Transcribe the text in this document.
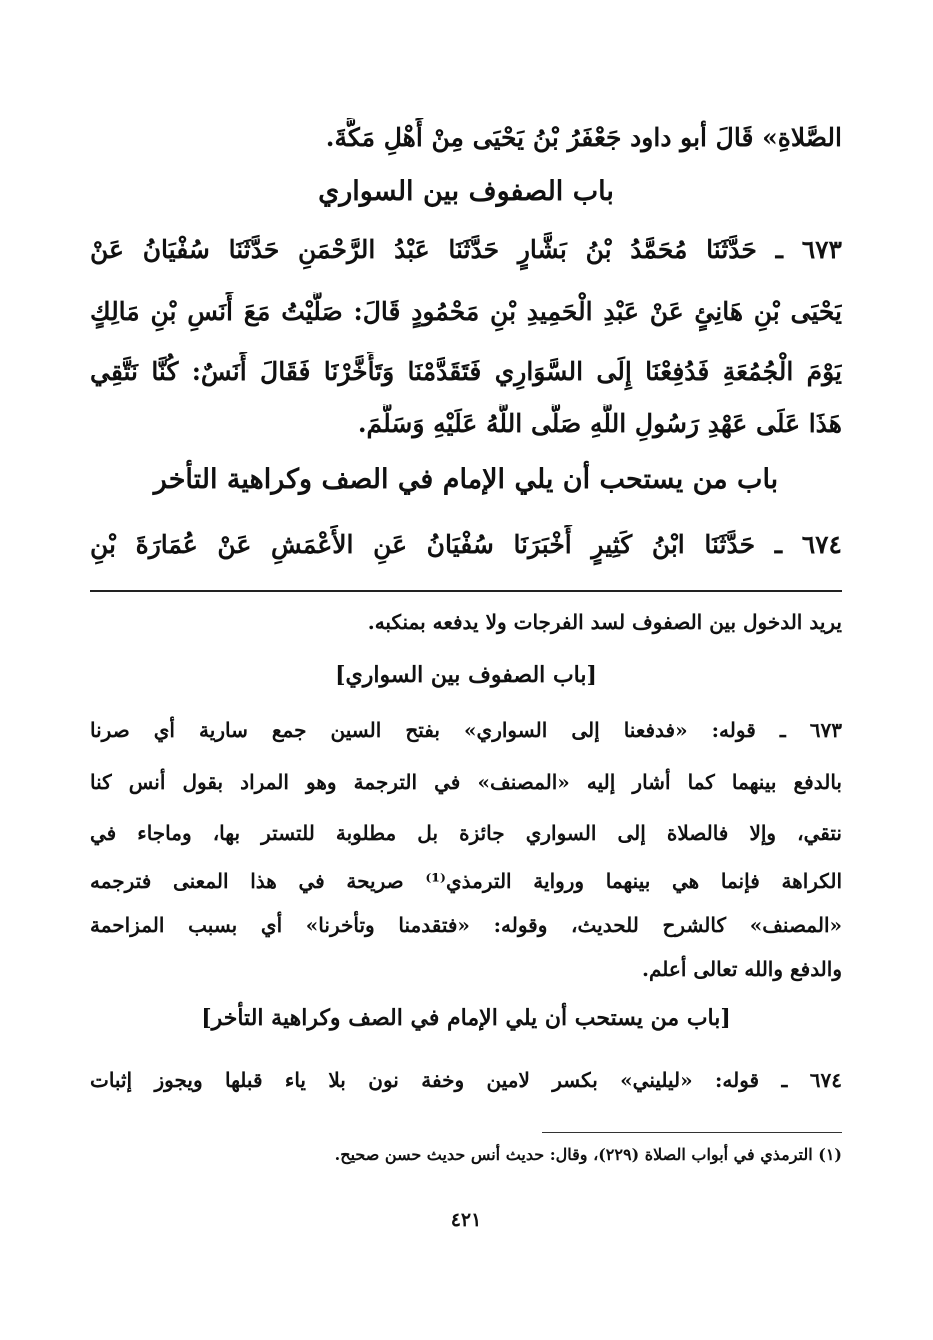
الصَّلاةِ» قَالَ أبو داود جَعْفَرُ بْنُ يَحْيَى مِنْ أَهْلِ مَكَّةَ.
باب الصفوف بين السواري
٦٧٣ ـ حَدَّثَنَا مُحَمَّدُ بْنُ بَشَّارٍ حَدَّثَنَا عَبْدُ الرَّحْمَنِ حَدَّثَنَا سُفْيَانُ عَنْ
يَحْيَى بْنِ هَانِئٍ عَنْ عَبْدِ الْحَمِيدِ بْنِ مَحْمُودٍ قَالَ: صَلَّيْتُ مَعَ أَنَسِ بْنِ مَالِكٍ
يَوْمَ الْجُمُعَةِ فَدُفِعْنَا إِلَى السَّوَارِي فَتَقَدَّمْنَا وَتَأَخَّرْنَا فَقَالَ أَنَسٌ: كُنَّا نَتَّقِي
هَذَا عَلَى عَهْدِ رَسُولِ اللَّهِ صَلَّى اللَّهُ عَلَيْهِ وَسَلَّمَ.
باب من يستحب أن يلي الإمام في الصف وكراهية التأخر
٦٧٤ ـ حَدَّثَنَا ابْنُ كَثِيرٍ أَخْبَرَنَا سُفْيَانُ عَنِ الأَعْمَشِ عَنْ عُمَارَةَ بْنِ
يريد الدخول بين الصفوف لسد الفرجات ولا يدفعه بمنكبه.
[باب الصفوف بين السواري]
٦٧٣ ـ قوله: «فدفعنا إلى السواري» بفتح السين جمع سارية أي صرنا
بالدفع بينهما كما أشار إليه «المصنف» في الترجمة وهو المراد بقول أنس كنا
نتقي، وإلا فالصلاة إلى السواري جائزة بل مطلوبة للتستر بها، وماجاء في
الكراهة فإنما هي بينهما ورواية الترمذي⁽¹⁾ صريحة في هذا المعنى فترجمه
«المصنف» كالشرح للحديث، وقوله: «فتقدمنا وتأخرنا» أي بسبب المزاحمة
والدفع والله تعالى أعلم.
[باب من يستحب أن يلي الإمام في الصف وكراهية التأخر]
٦٧٤ ـ قوله: «ليليني» بكسر لامين وخفة نون بلا ياء قبلها ويجوز إثبات
(١) الترمذي في أبواب الصلاة (٢٢٩)، وقال: حديث أنس حديث حسن صحيح.
٤٢١
